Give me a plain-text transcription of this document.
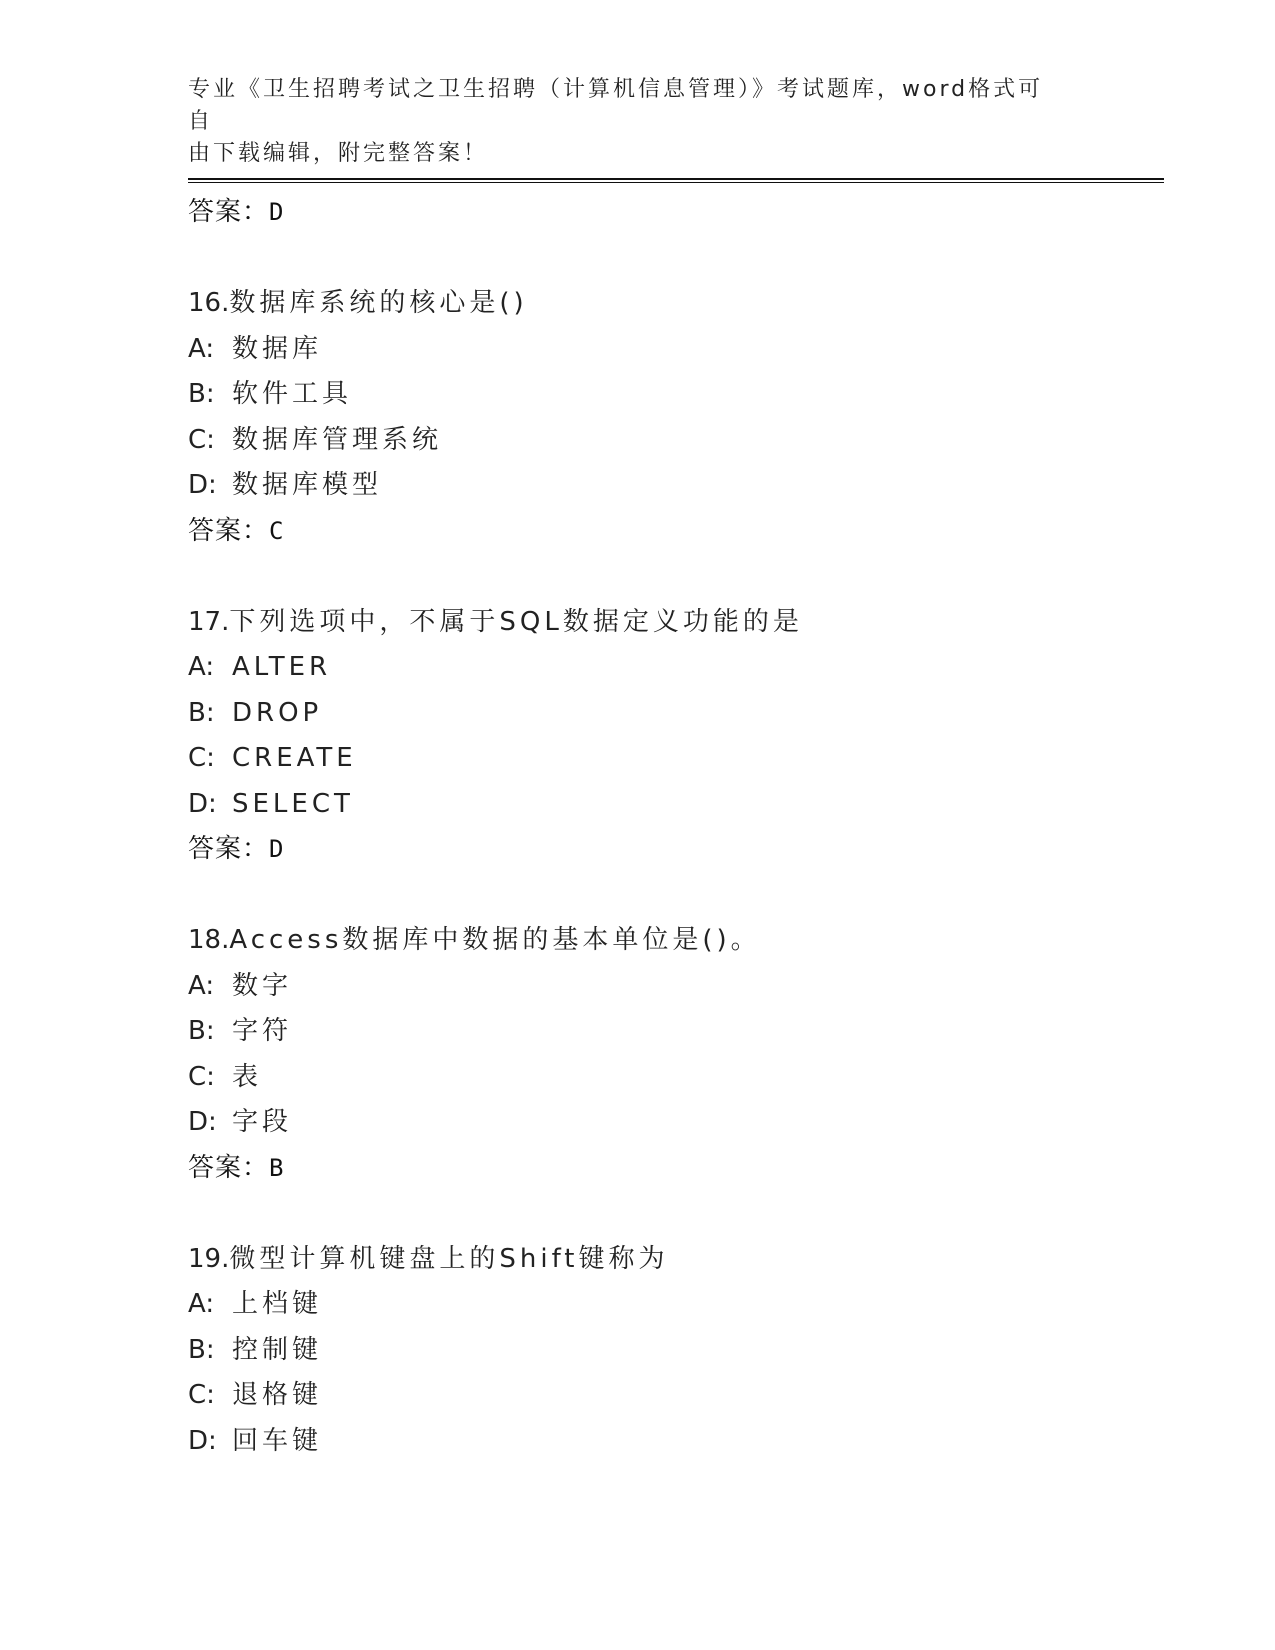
专业《卫生招聘考试之卫生招聘（计算机信息管理）》考试题库，word格式可自
由下载编辑，附完整答案！
答案：D
16.数据库系统的核心是()
A: 数据库
B: 软件工具
C: 数据库管理系统
D: 数据库模型
答案：C
17.下列选项中，不属于SQL数据定义功能的是
A: ALTER
B: DROP
C: CREATE
D: SELECT
答案：D
18.Access数据库中数据的基本单位是()。
A: 数字
B: 字符
C: 表
D: 字段
答案：B
19.微型计算机键盘上的Shift键称为
A: 上档键
B: 控制键
C: 退格键
D: 回车键
